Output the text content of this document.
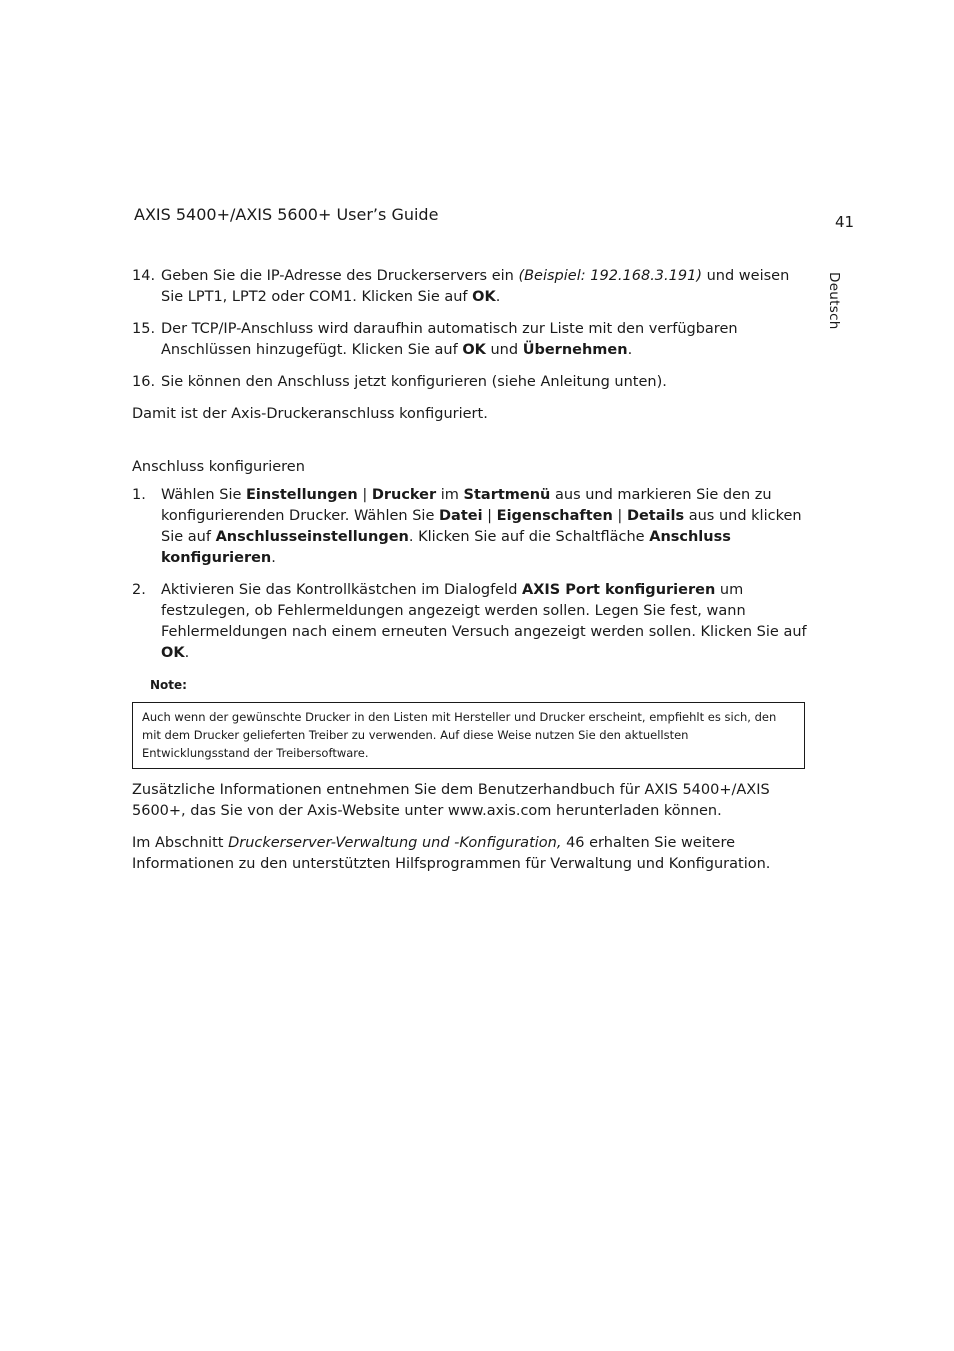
AXIS 5400+/AXIS 5600+ User’s Guide	41
Deutsch
14. Geben Sie die IP-Adresse des Druckerservers ein (Beispiel: 192.168.3.191) und weisen Sie LPT1, LPT2 oder COM1. Klicken Sie auf OK.
15. Der TCP/IP-Anschluss wird daraufhin automatisch zur Liste mit den verfügbaren Anschlüssen hinzugefügt. Klicken Sie auf OK und Übernehmen.
16. Sie können den Anschluss jetzt konfigurieren (siehe Anleitung unten).
Damit ist der Axis-Druckeranschluss konfiguriert.
Anschluss konfigurieren
1. Wählen Sie Einstellungen | Drucker im Startmenü aus und markieren Sie den zu konfigurierenden Drucker. Wählen Sie Datei | Eigenschaften | Details aus und klicken Sie auf Anschlusseinstellungen. Klicken Sie auf die Schaltfläche Anschluss konfigurieren.
2. Aktivieren Sie das Kontrollkästchen im Dialogfeld AXIS Port konfigurieren um festzulegen, ob Fehlermeldungen angezeigt werden sollen. Legen Sie fest, wann Fehlermeldungen nach einem erneuten Versuch angezeigt werden sollen. Klicken Sie auf OK.
Note:
Auch wenn der gewünschte Drucker in den Listen mit Hersteller und Drucker erscheint, empfiehlt es sich, den mit dem Drucker gelieferten Treiber zu verwenden. Auf diese Weise nutzen Sie den aktuellsten Entwicklungsstand der Treibersoftware.
Zusätzliche Informationen entnehmen Sie dem Benutzerhandbuch für AXIS 5400+/AXIS 5600+, das Sie von der Axis-Website unter www.axis.com herunterladen können.
Im Abschnitt Druckerserver-Verwaltung und -Konfiguration, 46 erhalten Sie weitere Informationen zu den unterstützten Hilfsprogrammen für Verwaltung und Konfiguration.
